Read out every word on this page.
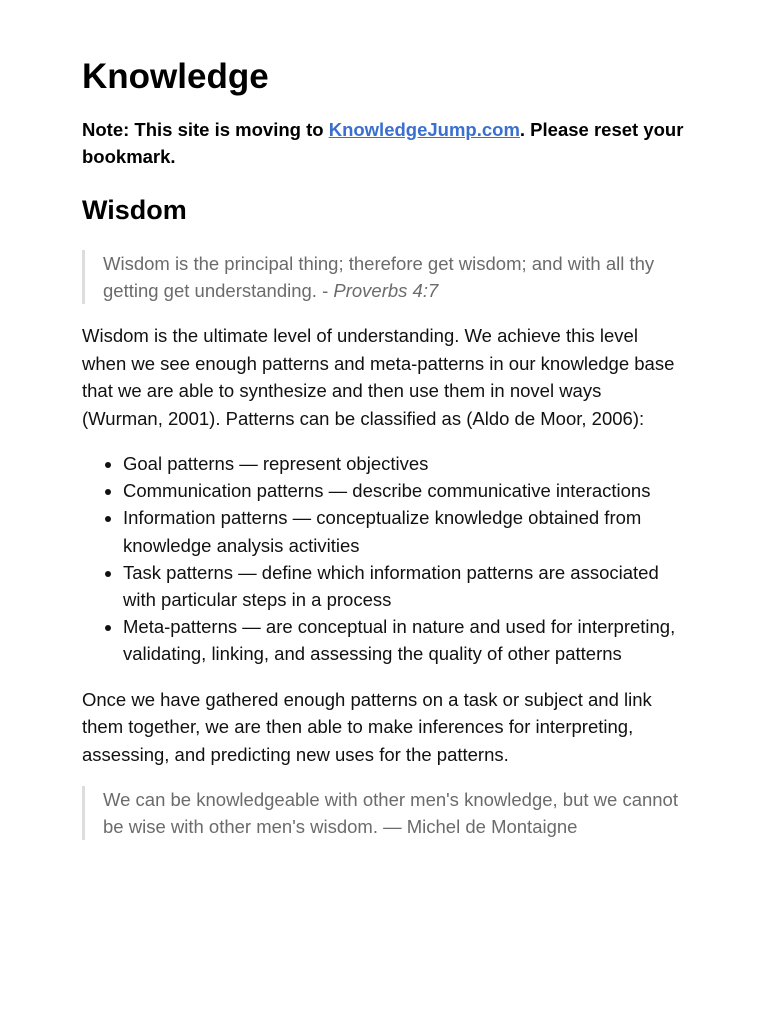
Knowledge

Note: This site is moving to KnowledgeJump.com. Please reset your bookmark.

Wisdom
Wisdom is the principal thing; therefore get wisdom; and with all thy getting get understanding. - Proverbs 4:7

Wisdom is the ultimate level of understanding. We achieve this level when we see enough patterns and meta-patterns in our knowledge base that we are able to synthesize and then use them in novel ways (Wurman, 2001). Patterns can be classified as (Aldo de Moor, 2006):

• Goal patterns — represent objectives
• Communication patterns — describe communicative interactions
• Information patterns — conceptualize knowledge obtained from knowledge analysis activities
• Task patterns — define which information patterns are associated with particular steps in a process
• Meta-patterns — are conceptual in nature and used for interpreting, validating, linking, and assessing the quality of other patterns

Once we have gathered enough patterns on a task or subject and link them together, we are then able to make inferences for interpreting, assessing, and predicting new uses for the patterns.

We can be knowledgeable with other men's knowledge, but we cannot be wise with other men's wisdom. — Michel de Montaigne
